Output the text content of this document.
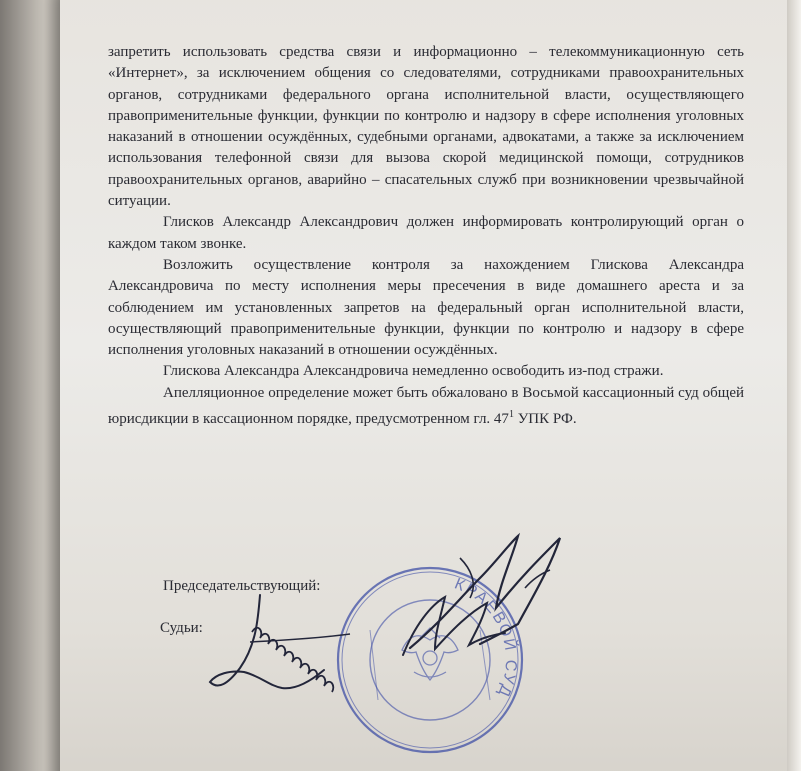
запретить использовать средства связи и информационно – телекоммуникационную сеть «Интернет», за исключением общения со следователями, сотрудниками правоохранительных органов, сотрудниками федерального органа исполнительной власти, осуществляющего правоприменительные функции, функции по контролю и надзору в сфере исполнения уголовных наказаний в отношении осуждённых, судебными органами, адвокатами, а также за исключением использования телефонной связи для вызова скорой медицинской помощи, сотрудников правоохранительных органов, аварийно – спасательных служб при возникновении чрезвычайной ситуации.

Глисков Александр Александрович должен информировать контролирующий орган о каждом таком звонке.

Возложить осуществление контроля за нахождением Глискова Александра Александровича по месту исполнения меры пресечения в виде домашнего ареста и за соблюдением им установленных запретов на федеральный орган исполнительной власти, осуществляющий правоприменительные функции, функции по контролю и надзору в сфере исполнения уголовных наказаний в отношении осуждённых.

Глискова Александра Александровича немедленно освободить из-под стражи.

Апелляционное определение может быть обжаловано в Восьмой кассационный суд общей юрисдикции в кассационном порядке, предусмотренном гл. $47^1$ УПК РФ.

Председательствующий:
Судьи:
КРАЕВОЙ СУД
